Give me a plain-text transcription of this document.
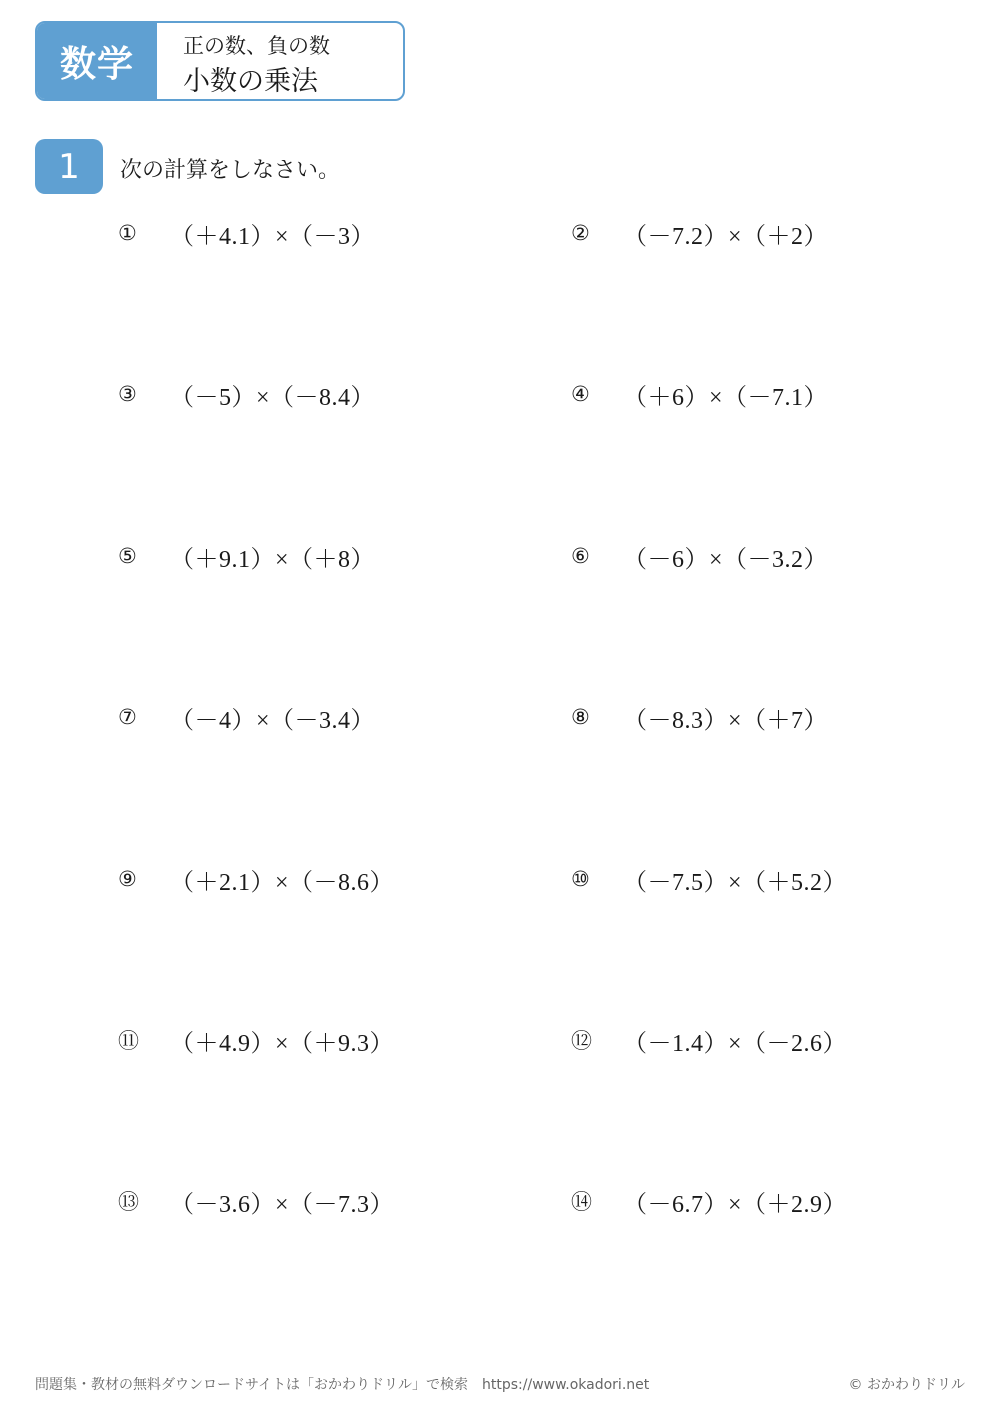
数学	正の数、負の数
小数の乗法
1	次の計算をしなさい。
①	（＋4.1）×（－3）	②	（－7.2）×（＋2）
③	（－5）×（－8.4）	④	（＋6）×（－7.1）
⑤	（＋9.1）×（＋8）	⑥	（－6）×（－3.2）
⑦	（－4）×（－3.4）	⑧	（－8.3）×（＋7）
⑨	（＋2.1）×（－8.6）	⑩	（－7.5）×（＋5.2）
⑪	（＋4.9）×（＋9.3）	⑫	（－1.4）×（－2.6）
⑬	（－3.6）×（－7.3）	⑭	（－6.7）×（＋2.9）
問題集・教材の無料ダウンロードサイトは「おかわりドリル」で検索　https://www.okadori.net	© おかわりドリル
